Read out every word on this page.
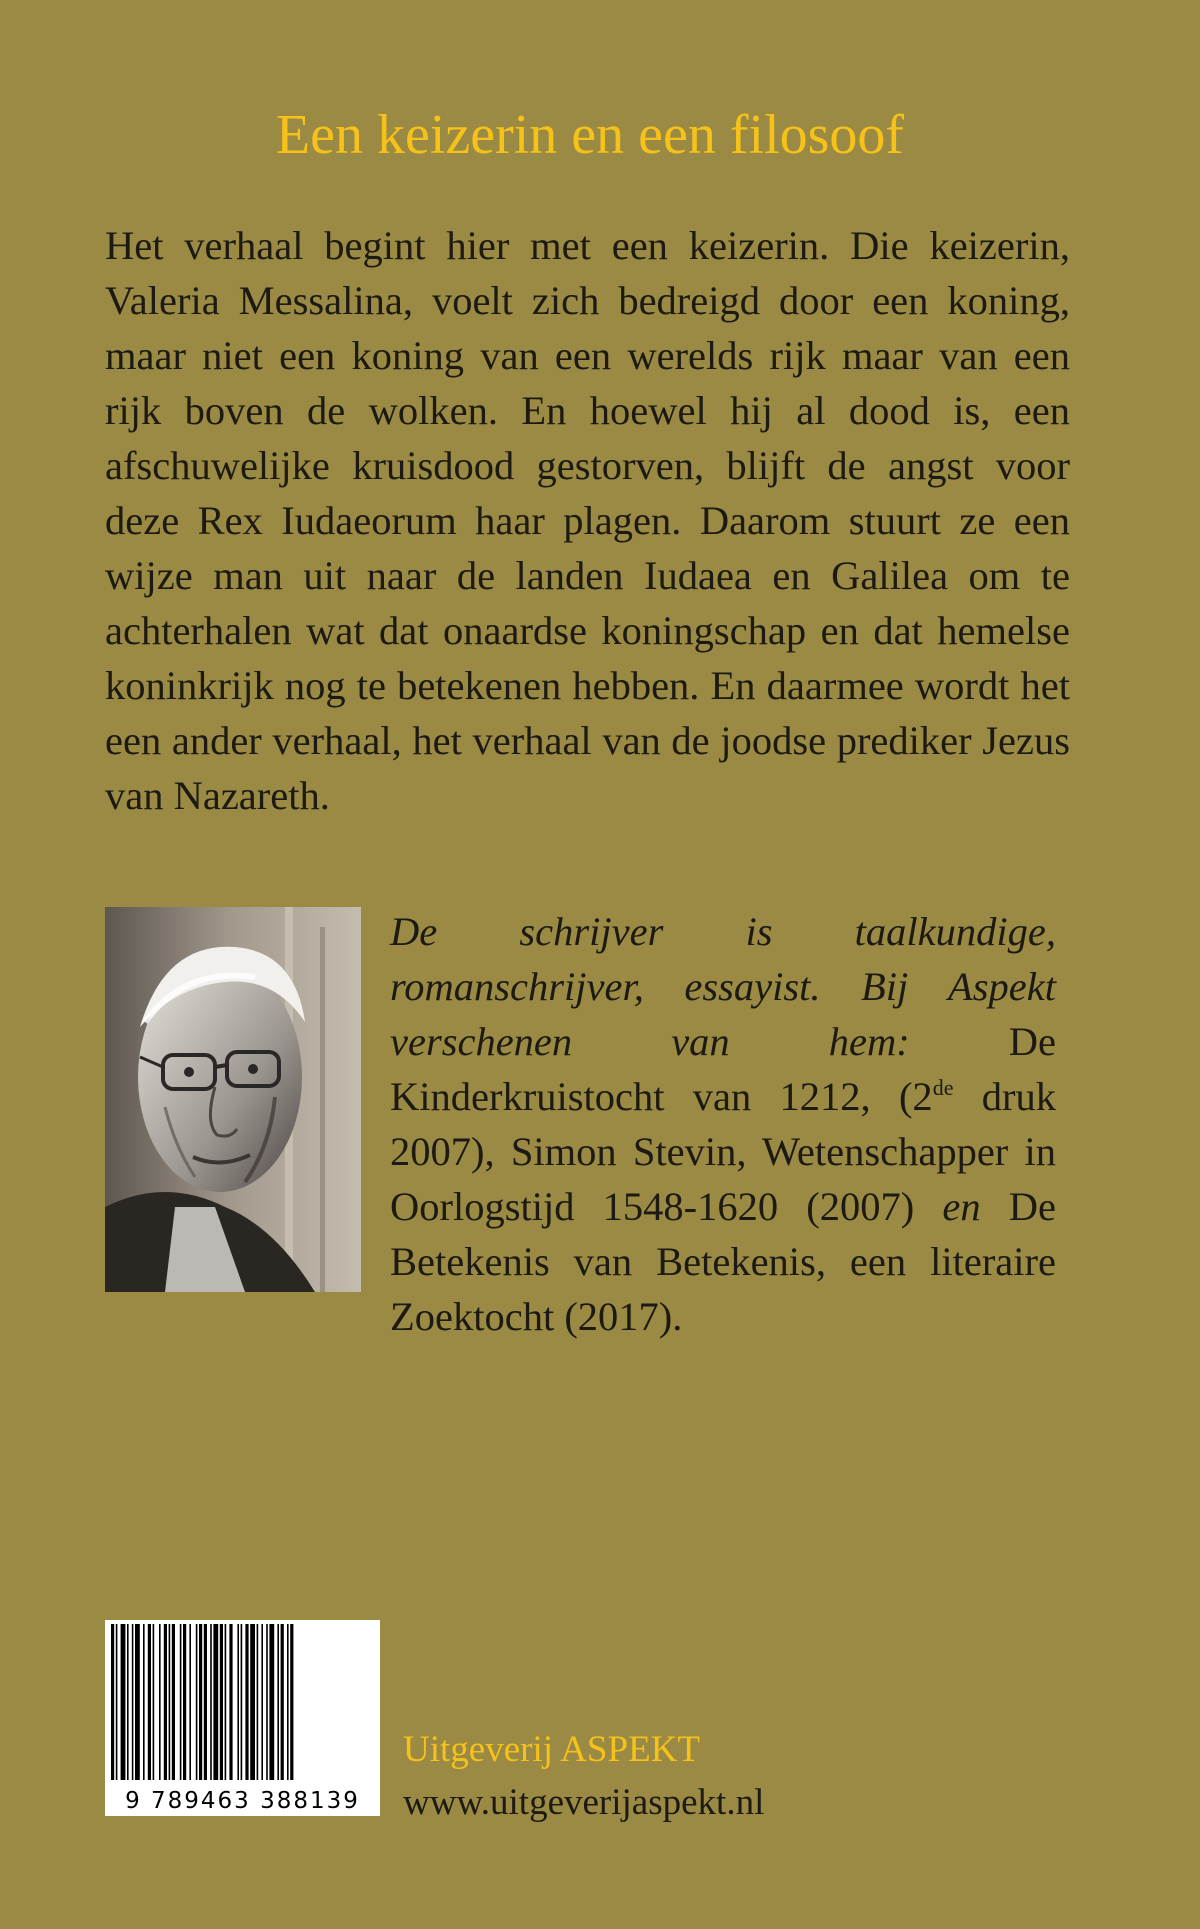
Een keizerin en een filosoof

Het verhaal begint hier met een keizerin. Die keizerin, Valeria Messalina, voelt zich bedreigd door een koning, maar niet een koning van een werelds rijk maar van een rijk boven de wolken. En hoewel hij al dood is, een afschuwelijke kruisdood gestorven, blijft de angst voor deze Rex Iudaeorum haar plagen. Daarom stuurt ze een wijze man uit naar de landen Iudaea en Galilea om te achterhalen wat dat onaardse koningschap en dat hemelse koninkrijk nog te betekenen hebben. En daarmee wordt het een ander verhaal, het verhaal van de joodse prediker Jezus van Nazareth.

De schrijver is taalkundige, romanschrijver, essayist. Bij Aspekt verschenen van hem: De Kinderkruistocht van 1212, (2de druk 2007), Simon Stevin, Wetenschapper in Oorlogstijd 1548-1620 (2007) en De Betekenis van Betekenis, een literaire Zoektocht (2017).

9 789463 388139
Uitgeverij ASPEKT
www.uitgeverijaspekt.nl
